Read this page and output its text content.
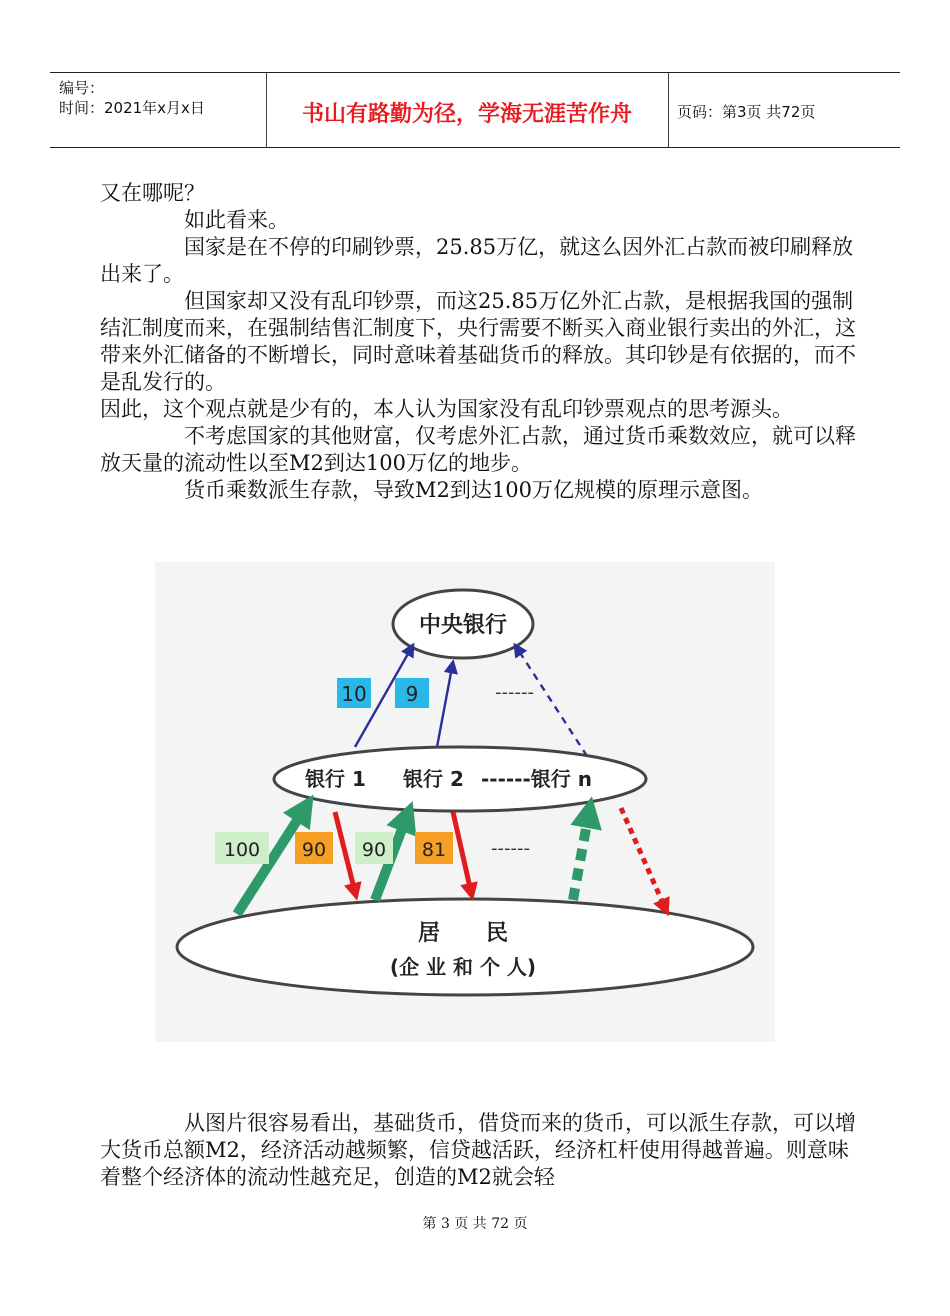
编号：
时间：2021年x月x日	书山有路勤为径，学海无涯苦作舟	页码：第3页 共72页

又在哪呢？

如此看来。

国家是在不停的印刷钞票，25.85万亿，就这么因外汇占款而被印刷释放出来了。

但国家却又没有乱印钞票，而这25.85万亿外汇占款，是根据我国的强制结汇制度而来，在强制结售汇制度下，央行需要不断买入商业银行卖出的外汇，这带来外汇储备的不断增长，同时意味着基础货币的释放。其印钞是有依据的，而不是乱发行的。

因此，这个观点就是少有的，本人认为国家没有乱印钞票观点的思考源头。

不考虑国家的其他财富，仅考虑外汇占款，通过货币乘数效应，就可以释放天量的流动性以至M2到达100万亿的地步。

货币乘数派生存款，导致M2到达100万亿规模的原理示意图。

中央银行
10 9	------
银行 1 银行 2 ------银行 n
居      民
(企 业 和 个 人)
100 90 90 81 ------

从图片很容易看出，基础货币，借贷而来的货币，可以派生存款，可以增大货币总额M2，经济活动越频繁，信贷越活跃，经济杠杆使用得越普遍。则意味着整个经济体的流动性越充足，创造的M2就会轻

第 3 页 共 72 页
